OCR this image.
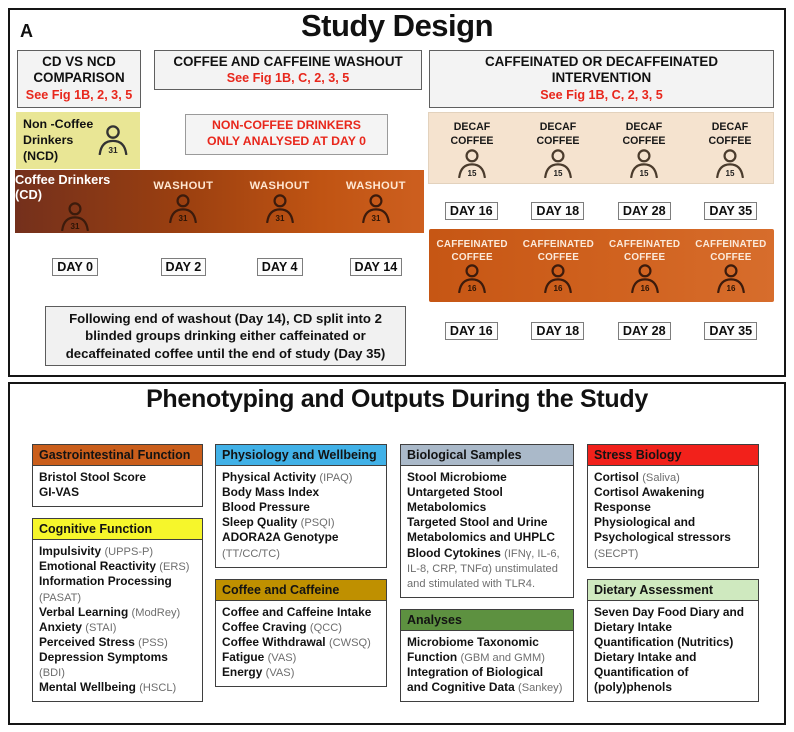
A	Study Design
CD VS NCD
COMPARISON
See Fig 1B, 2, 3, 5
COFFEE AND CAFFEINE WASHOUT
See Fig 1B, C, 2, 3, 5
CAFFEINATED OR DECAFFEINATED
INTERVENTION
See Fig 1B, C, 2, 3, 5
Non -Coffee
Drinkers
(NCD)	31
NON-COFFEE DRINKERS
ONLY ANALYSED AT DAY 0
DECAF
COFFEE
15
DECAF
COFFEE
15
DECAF
COFFEE
15
DECAF
COFFEE
15
Coffee Drinkers (CD)
31
WASHOUT
31
WASHOUT
31
WASHOUT
31
CAFFEINATED
COFFEE
16
CAFFEINATED
COFFEE
16
CAFFEINATED
COFFEE
16
CAFFEINATED
COFFEE
16
DAY 16	DAY 18	DAY 28	DAY 35
DAY 0	DAY 2	DAY 4	DAY 14
DAY 16	DAY 18	DAY 28	DAY 35
Following end of washout (Day 14), CD split into 2 blinded groups drinking either caffeinated or decaffeinated coffee until the end of study (Day 35)
Phenotyping and Outputs During the Study
Gastrointestinal Function
Bristol Stool Score
GI-VAS
Cognitive Function
Impulsivity (UPPS-P)
Emotional Reactivity (ERS)
Information Processing (PASAT)
Verbal Learning (ModRey)
Anxiety (STAI)
Perceived Stress (PSS)
Depression Symptoms (BDI)
Mental Wellbeing (HSCL)
Physiology and Wellbeing
Physical Activity (IPAQ)
Body Mass Index
Blood Pressure
Sleep Quality (PSQI)
ADORA2A Genotype (TT/CC/TC)
Coffee and Caffeine
Coffee and Caffeine Intake
Coffee Craving (QCC)
Coffee Withdrawal (CWSQ)
Fatigue (VAS)
Energy (VAS)
Biological Samples
Stool Microbiome
Untargeted Stool Metabolomics
Targeted Stool and Urine Metabolomics and UHPLC
Blood Cytokines (IFNγ, IL-6, IL-8, CRP, TNFα) unstimulated and stimulated with TLR4.
Analyses
Microbiome Taxonomic Function (GBM and GMM)
Integration of Biological and Cognitive Data (Sankey)
Stress Biology
Cortisol (Saliva)
Cortisol Awakening Response
Physiological and Psychological stressors (SECPT)
Dietary Assessment
Seven Day Food Diary and Dietary Intake Quantification (Nutritics)
Dietary Intake and Quantification of (poly)phenols
